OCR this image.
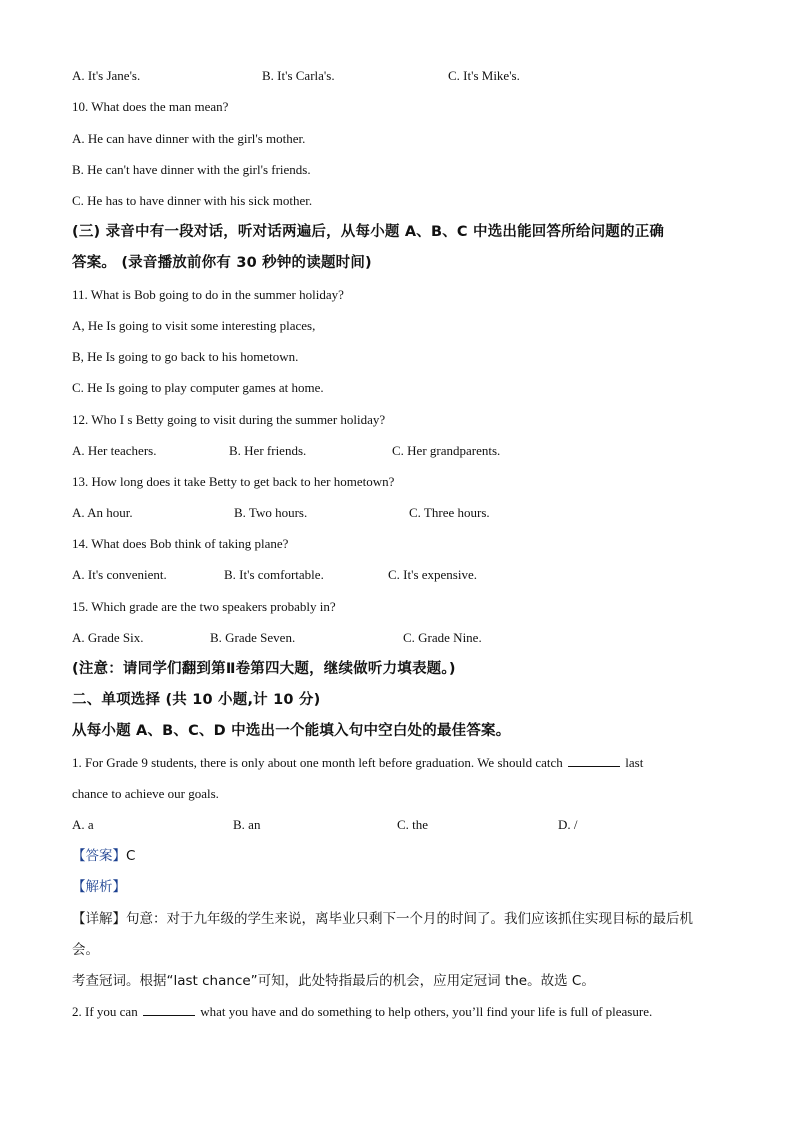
A. It's Jane's.	B. It's Carla's.	C. It's Mike's.
10. What does the man mean?
A. He can have dinner with the girl's mother.
B. He can't have dinner with the girl's friends.
C. He has to have dinner with his sick mother.
(三) 录音中有一段对话，听对话两遍后，从每小题 A、B、C 中选出能回答所给问题的正确
答案。 (录音播放前你有 30 秒钟的读题时间)
11. What is Bob going to do in the summer holiday?
A, He Is going to visit some interesting places,
B, He Is going to go back to his hometown.
C. He Is going to play computer games at home.
12. Who I s Betty going to visit during the summer holiday?
A. Her teachers.	B. Her friends.	C. Her grandparents.
13. How long does it take Betty to get back to her hometown?
A. An hour.	B. Two hours.	C. Three hours.
14. What does Bob think of taking plane?
A. It's convenient.	B. It's comfortable.	C. It's expensive.
15. Which grade are the two speakers probably in?
A. Grade Six.	B. Grade Seven.	C. Grade Nine.
(注意：请同学们翻到第Ⅱ卷第四大题，继续做听力填表题。)
二、单项选择 (共 10 小题,计 10 分)
从每小题 A、B、C、D 中选出一个能填入句中空白处的最佳答案。
1. For Grade 9 students, there is only about one month left before graduation. We should catch	last
chance to achieve our goals.
A. a	B. an	C. the	D. /
【答案】C
【解析】
【详解】句意：对于九年级的学生来说，离毕业只剩下一个月的时间了。我们应该抓住实现目标的最后机
会。
考查冠词。根据“last chance”可知，此处特指最后的机会，应用定冠词 the。故选 C。
2. If you can	what you have and do something to help others, you’ll find your life is full of pleasure.
